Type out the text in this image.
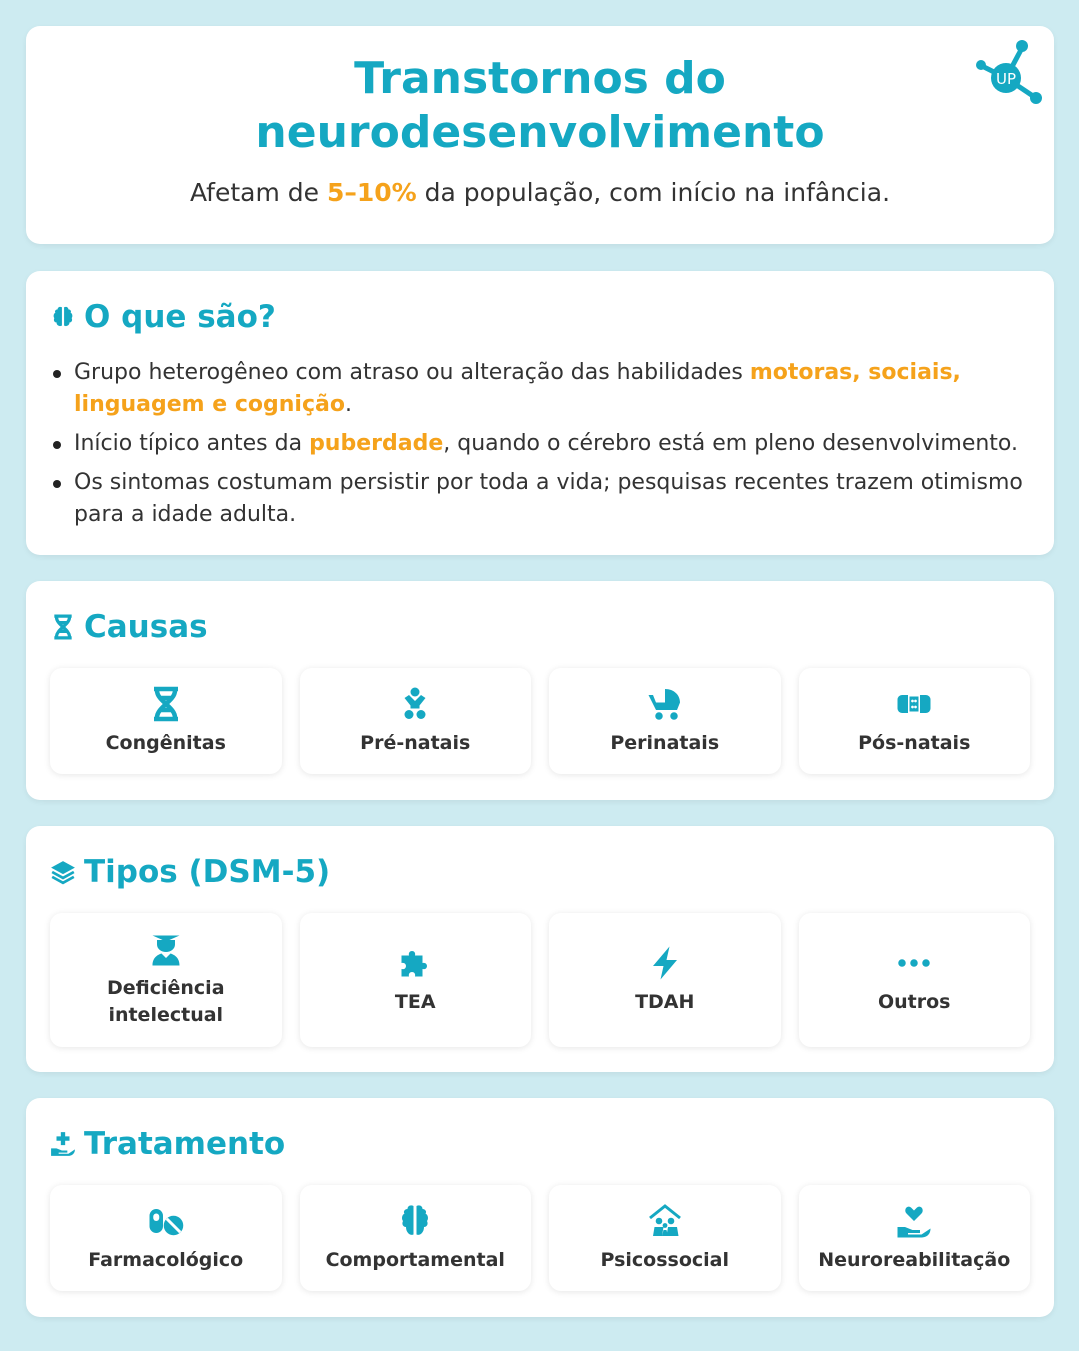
Transtornos do
neurodesenvolvimento
Afetam de 5–10% da população, com início na infância.
UP
O que são?
Grupo heterogêneo com atraso ou alteração das habilidades motoras, sociais, linguagem e cognição.
Início típico antes da puberdade, quando o cérebro está em pleno desenvolvimento.
Os sintomas costumam persistir por toda a vida; pesquisas recentes trazem otimismo para a idade adulta.
Causas
Congênitas	Pré-natais	Perinatais	Pós-natais
Tipos (DSM-5)
Deficiência intelectual
TEA	TDAH	Outros
Tratamento
Farmacológico	Comportamental	Psicossocial	Neuroreabilitação
